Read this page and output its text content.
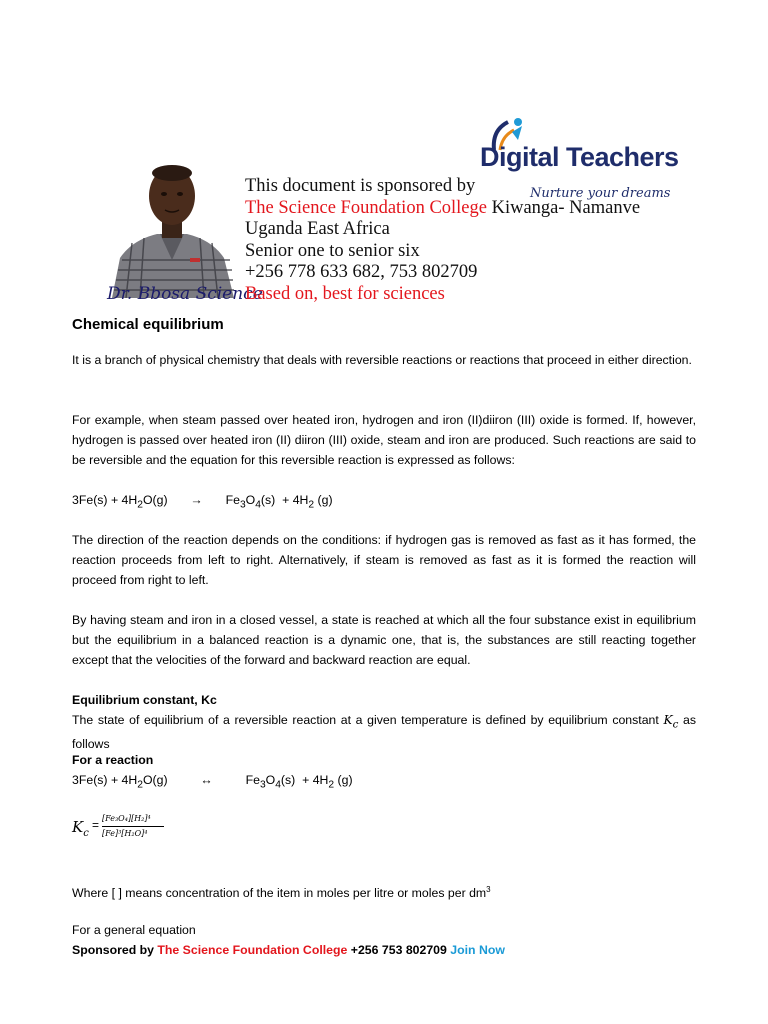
Dr. Bbosa Science
Digital Teachers
Nurture your dreams
This document is sponsored by
The Science Foundation College Kiwanga- Namanve
Uganda East Africa
Senior one to senior six
+256 778 633 682, 753 802709
Based on, best for sciences
Chemical equilibrium
It is a branch of physical chemistry that deals with reversible reactions or reactions that proceed in either direction.
For example, when steam passed over heated iron, hydrogen and iron (II)diiron (III) oxide is formed. If, however, hydrogen is passed over heated iron (II) diiron (III) oxide, steam and iron are produced. Such reactions are said to be reversible and the equation for this reversible reaction is expressed as follows:
$3Fe(s) + 4H_2O(g) \to Fe_3O_4(s) + 4H_2$ (g)
The direction of the reaction depends on the conditions: if hydrogen gas is removed as fast as it has formed, the reaction proceeds from left to right. Alternatively, if steam is removed as fast as it is formed the reaction will proceed from right to left.
By having steam and iron in a closed vessel, a state is reached at which all the four substance exist in equilibrium but the equilibrium in a balanced reaction is a dynamic one, that is, the substances are still reacting together except that the velocities of the forward and backward reaction are equal.
Equilibrium constant, Kc
The state of equilibrium of a reversible reaction at a given temperature is defined by equilibrium constant $K_c$ as follows
For a reaction
$3Fe(s) + 4H_2O(g)$	↔	$Fe_3O_4(s) + 4H_2$ (g)
$K_c$
= [Fe₃O₄][H₂]⁴
[Fe]³[H₂O]⁴
Where [ ] means concentration of the item in moles per litre or moles per $dm^3$
For a general equation
Sponsored by The Science Foundation College +256 753 802709 Join Now
